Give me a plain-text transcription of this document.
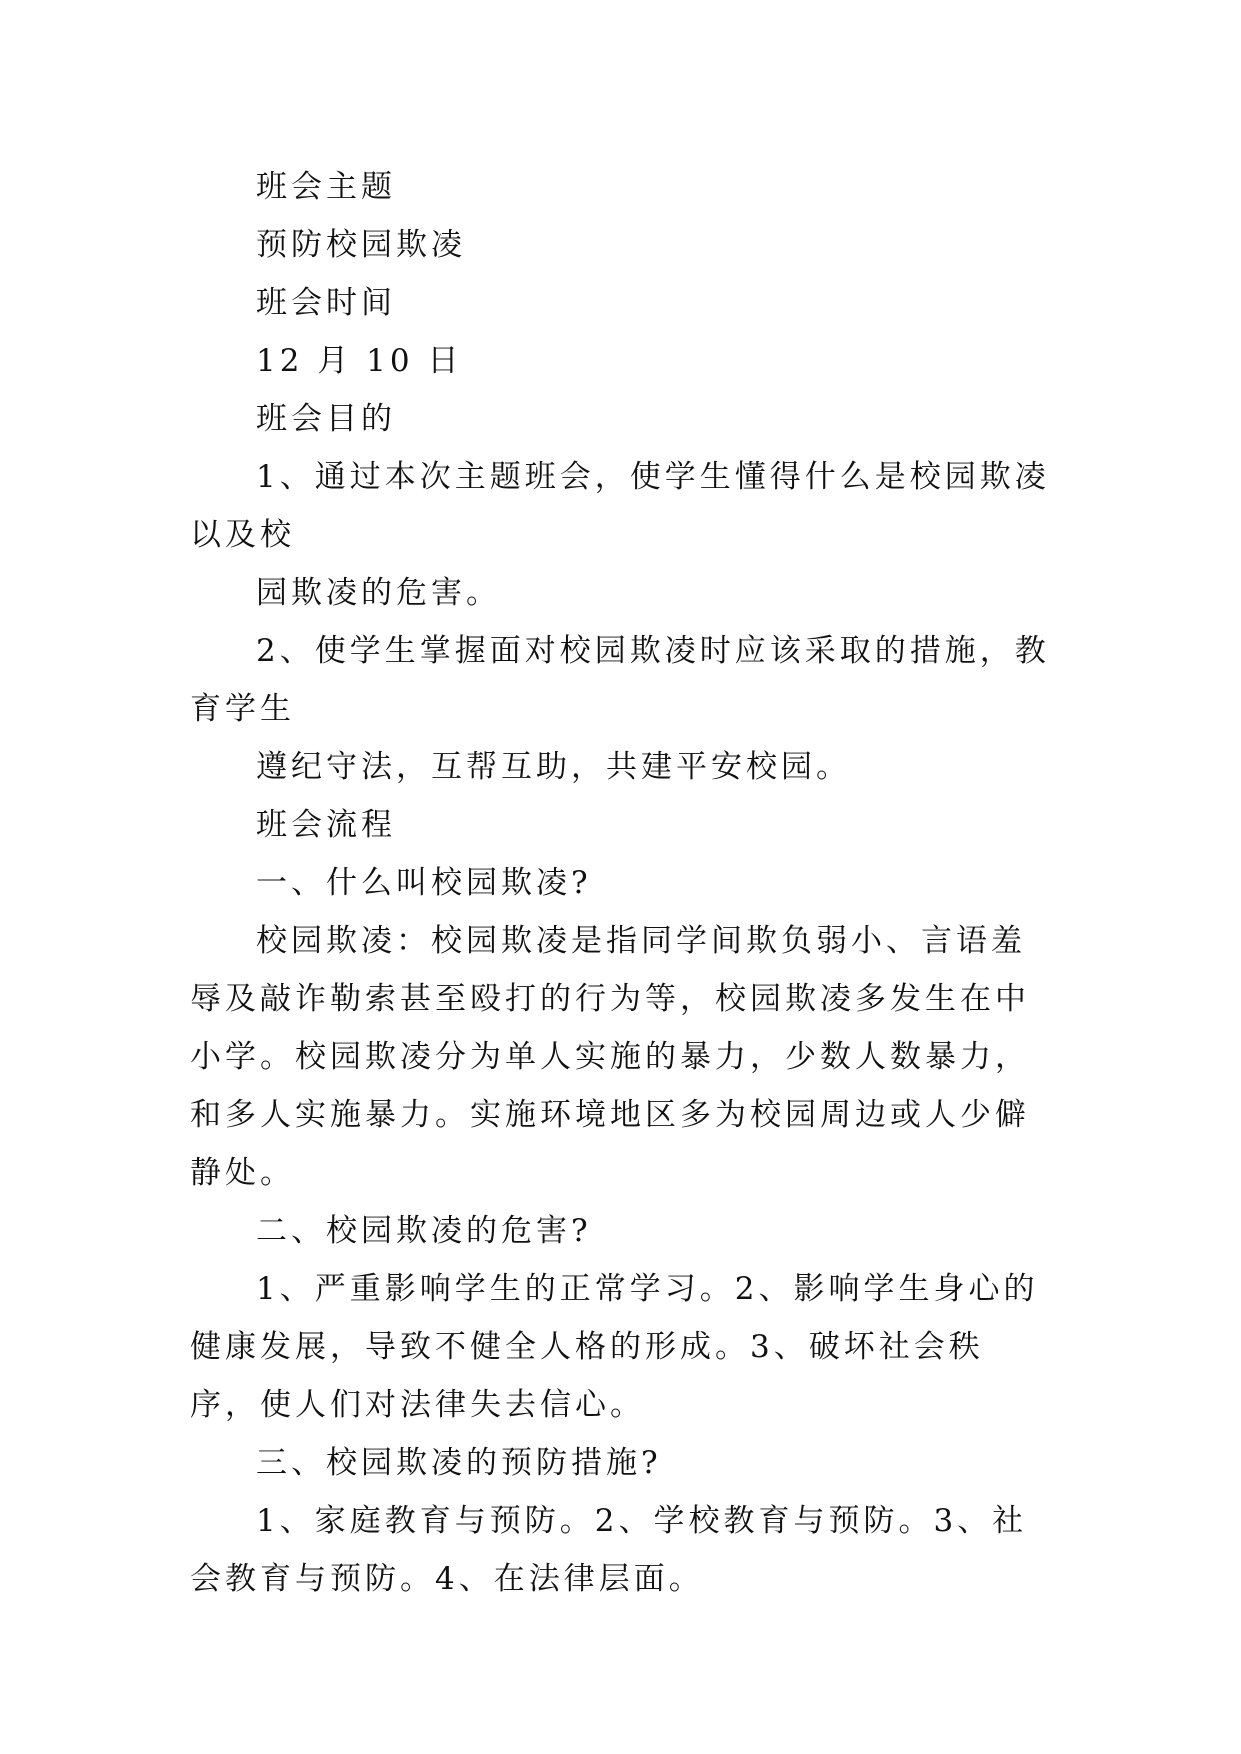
班会主题

预防校园欺凌

班会时间

12 月 10 日

班会目的

1、通过本次主题班会，使学生懂得什么是校园欺凌以及校

园欺凌的危害。

2、使学生掌握面对校园欺凌时应该采取的措施，教育学生

遵纪守法，互帮互助，共建平安校园。

班会流程

一、什么叫校园欺凌?

校园欺凌：校园欺凌是指同学间欺负弱小、言语羞辱及敲诈勒索甚至殴打的行为等，校园欺凌多发生在中小学。校园欺凌分为单人实施的暴力，少数人数暴力，和多人实施暴力。实施环境地区多为校园周边或人少僻静处。

二、校园欺凌的危害?

1、严重影响学生的正常学习。2、影响学生身心的健康发展，导致不健全人格的形成。3、破坏社会秩序，使人们对法律失去信心。

三、校园欺凌的预防措施?

1、家庭教育与预防。2、学校教育与预防。3、社会教育与预防。4、在法律层面。
